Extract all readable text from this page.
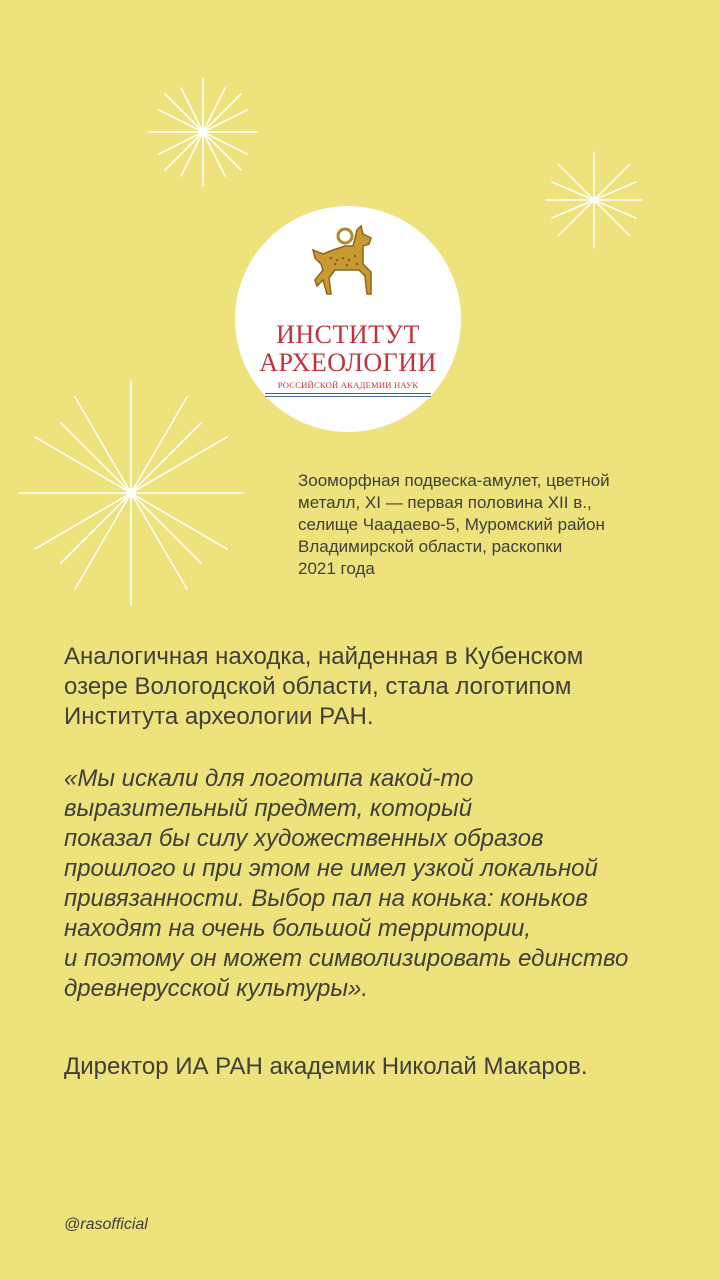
ИНСТИТУТ
АРХЕОЛОГИИ
РОССИЙСКОЙ АКАДЕМИИ НАУК

Зооморфная подвеска-амулет, цветной
металл, XI — первая половина XII в.,
селище Чаадаево-5, Муромский район
Владимирской области, раскопки
2021 года

Аналогичная находка, найденная в Кубенском
озере Вологодской области, стала логотипом
Института археологии РАН.

«Мы искали для логотипа какой-то
выразительный предмет, который
показал бы силу художественных образов
прошлого и при этом не имел узкой локальной
привязанности. Выбор пал на конька: коньков
находят на очень большой территории,
и поэтому он может символизировать единство
древнерусской культуры».

Директор ИА РАН академик Николай Макаров.

@rasofficial
